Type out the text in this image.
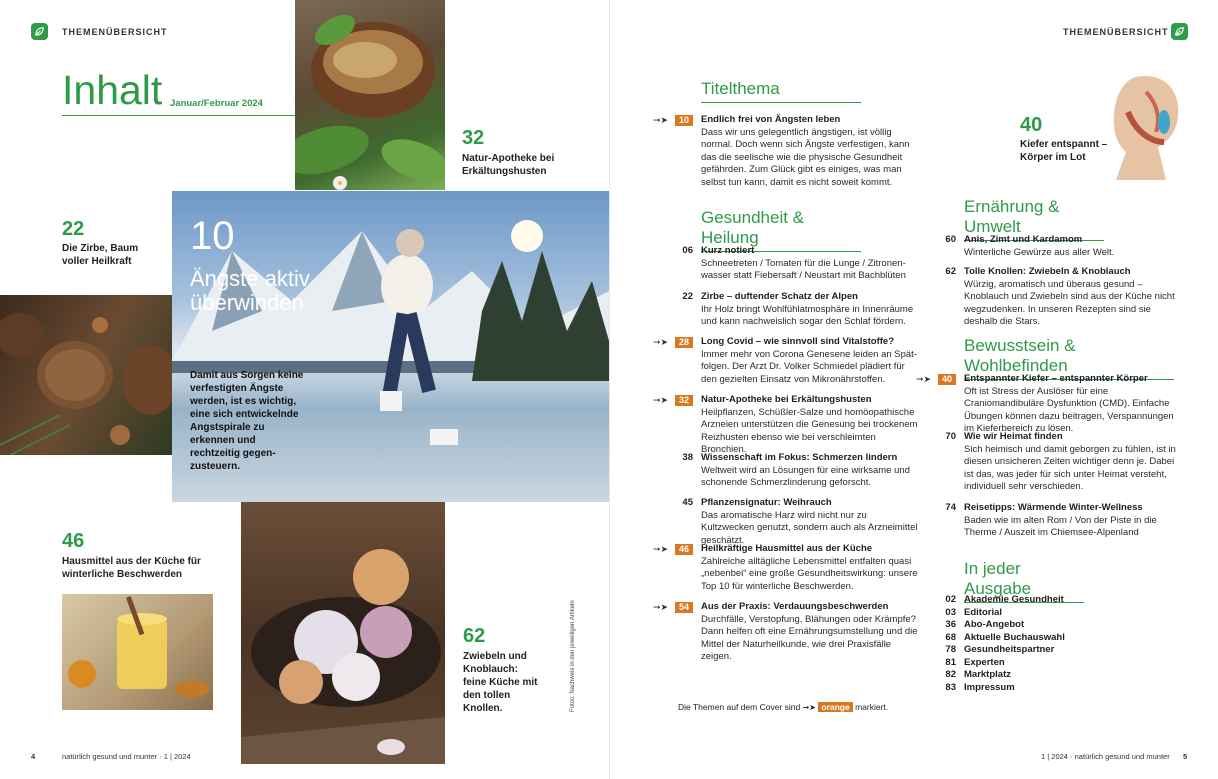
THEMENÜBERSICHT
Inhalt Januar/Februar 2024
32
Natur-Apotheke bei Erkältungshusten
22
Die Zirbe, Baum voller Heilkraft
10
Ängste aktiv
überwinden
Damit aus Sorgen keine verfestigten Ängste werden, ist es wichtig, eine sich entwickelnde Angstspirale zu erkennen und rechtzeitig gegen-zusteuern.
46
Hausmittel aus der Küche für winterliche Beschwerden
62
Zwiebeln und Knoblauch: feine Küche mit den tollen Knollen.	Fotos: Nachweis in den jeweiligen Artikeln
4	natürlich gesund und munter · 1 | 2024
THEMENÜBERSICHT
40
Kiefer entspannt – Körper im Lot
Titelthema
➞➤	10	Endlich frei von Ängsten leben
Dass wir uns gelegentlich ängstigen, ist völlig normal. Doch wenn sich Ängste verfestigen, kann das die seelische wie die physische Gesundheit gefährden. Zum Glück gibt es einiges, was man selbst tun kann, damit es nicht soweit kommt.
Gesundheit & Heilung
06 Kurz notiert
Schneetreten / Tomaten für die Lunge / Zitronen-wasser statt Fiebersaft / Neustart mit Bachblüten
22 Zirbe – duftender Schatz der Alpen
Ihr Holz bringt Wohlfühlatmosphäre in Innenräume und kann nachweislich sogar den Schlaf fördern.
➞➤	28	Long Covid – wie sinnvoll sind Vitalstoffe?
Immer mehr von Corona Genesene leiden an Spät-folgen. Der Arzt Dr. Volker Schmiedel plädiert für den gezielten Einsatz von Mikronährstoffen.
➞➤	32	Natur-Apotheke bei Erkältungshusten
Heilpflanzen, Schüßler-Salze und homöopathische Arzneien unterstützen die Genesung bei trockenem Reizhusten ebenso wie bei verschleimten Bronchien.
38 Wissenschaft im Fokus: Schmerzen lindern
Weltweit wird an Lösungen für eine wirksame und schonende Schmerzlinderung geforscht.
45 Pflanzensignatur: Weihrauch
Das aromatische Harz wird nicht nur zu Kultzwecken genutzt, sondern auch als Arzneimittel geschätzt.
➞➤	46	Heilkräftige Hausmittel aus der Küche
Zahlreiche alltägliche Lebensmittel entfalten quasi „nebenbei“ eine große Gesundheitswirkung: unsere Top 10 für winterliche Beschwerden.
➞➤	54	Aus der Praxis: Verdauungsbeschwerden
Durchfälle, Verstopfung, Blähungen oder Krämpfe? Dann helfen oft eine Ernährungsumstellung und die Mittel der Naturheilkunde, wie drei Praxisfälle zeigen.
Ernährung & Umwelt
60 Anis, Zimt und Kardamom
Winterliche Gewürze aus aller Welt.
62 Tolle Knollen: Zwiebeln & Knoblauch
Würzig, aromatisch und überaus gesund – Knoblauch und Zwiebeln sind aus der Küche nicht wegzudenken. In unseren Rezepten sind sie deshalb die Stars.
Bewusstsein & Wohlbefinden
➞➤	40	Entspannter Kiefer – entspannter Körper
Oft ist Stress der Auslöser für eine Craniomandibuläre Dysfunktion (CMD). Einfache Übungen können dazu beitragen, Verspannungen im Kieferbereich zu lösen.
70 Wie wir Heimat finden
Sich heimisch und damit geborgen zu fühlen, ist in diesen unsicheren Zeiten wichtiger denn je. Dabei ist das, was jeder für sich unter Heimat versteht, individuell sehr verschieden.
74 Reisetipps: Wärmende Winter-Wellness
Baden wie im alten Rom / Von der Piste in die Therme / Auszeit im Chiemsee-Alpenland
In jeder Ausgabe
02 Akademie Gesundheit
03 Editorial
36 Abo-Angebot
68 Aktuelle Buchauswahl
78 Gesundheitspartner
81 Experten
82 Marktplatz
83 Impressum
Die Themen auf dem Cover sind ➞➤ orange markiert.
1 | 2024 · natürlich gesund und munter 5
